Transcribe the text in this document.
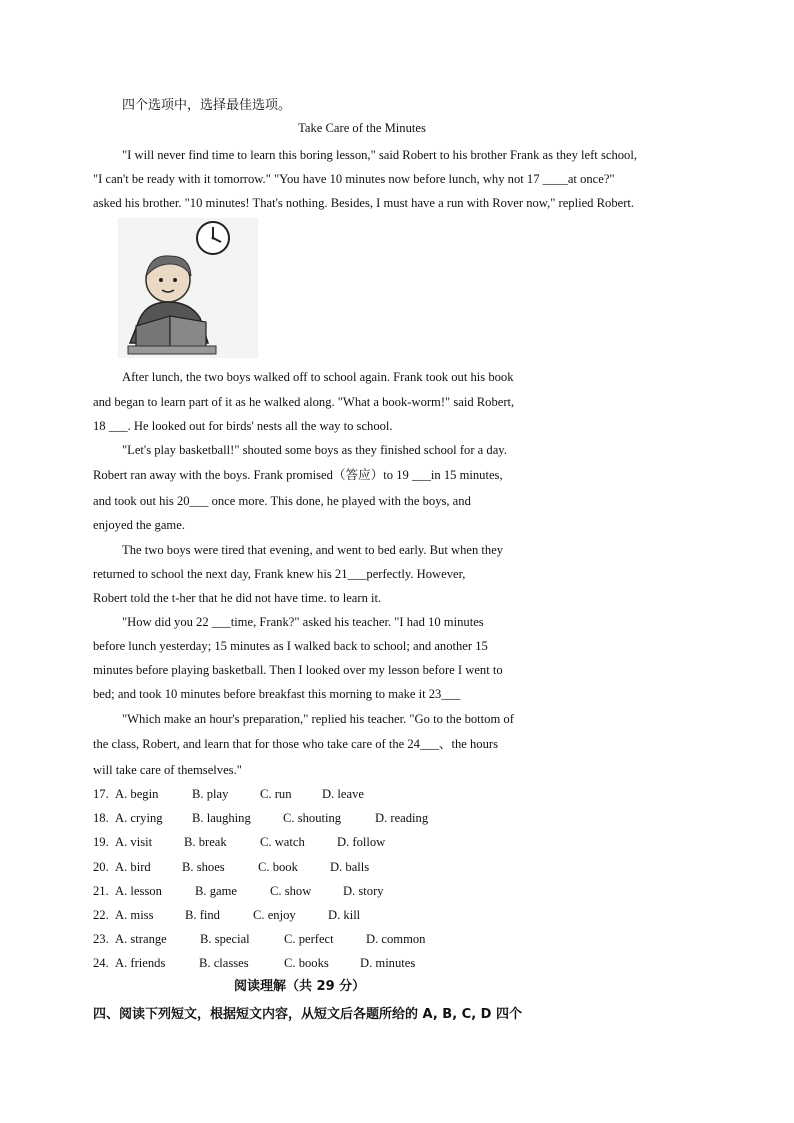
四个选项中，选择最佳选项。
Take Care of the Minutes
"I will never find time to learn this boring lesson," said Robert to his brother Frank as they left school,
"I can't be ready with it tomorrow." "You have 10 minutes now before lunch, why not 17 ____at once?"
asked his brother. "10 minutes! That's nothing. Besides, I must have a run with Rover now," replied Robert.
After lunch, the two boys walked off to school again. Frank took out his book
and began to learn part of it as he walked along. "What a book-worm!" said Robert,
18 ___. He looked out for birds' nests all the way to school.
"Let's play basketball!" shouted some boys as they finished school for a day.
Robert ran away with the boys. Frank promised（答应）to 19 ___in 15 minutes,
and took out his 20___ once more. This done, he played with the boys, and
enjoyed the game.
The two boys were tired that evening, and went to bed early. But when they
returned to school the next day, Frank knew his 21___perfectly. However,
Robert told the t-her that he did not have time. to learn it.
"How did you 22 ___time, Frank?" asked his teacher. "I had 10 minutes
before lunch yesterday; 15 minutes as I walked back to school; and another 15
minutes before playing basketball. Then I looked over my lesson before I went to
bed; and took 10 minutes before breakfast this morning to make it 23___
"Which make an hour's preparation," replied his teacher. "Go to the bottom of
the class, Robert, and learn that for those who take care of the 24___、the hours
will take care of themselves."
17. A. begin	B. play	C. run D. leave
18. A. crying B. laughing	C. shouting	D. reading
19. A. visit	B. break	C. watch	D. follow
20. A. bird B. shoes	C. book	D. balls
21. A. lesson	B. game	C. show	D. story
22. A. miss	B. find	C. enjoy	D. kill
23. A. strange	B. special	C. perfect	D. common
24. A. friends	B. classes	C. books D. minutes
阅读理解（共 29 分）
四、阅读下列短文，根据短文内容，从短文后各题所给的 A, B, C, D 四个
